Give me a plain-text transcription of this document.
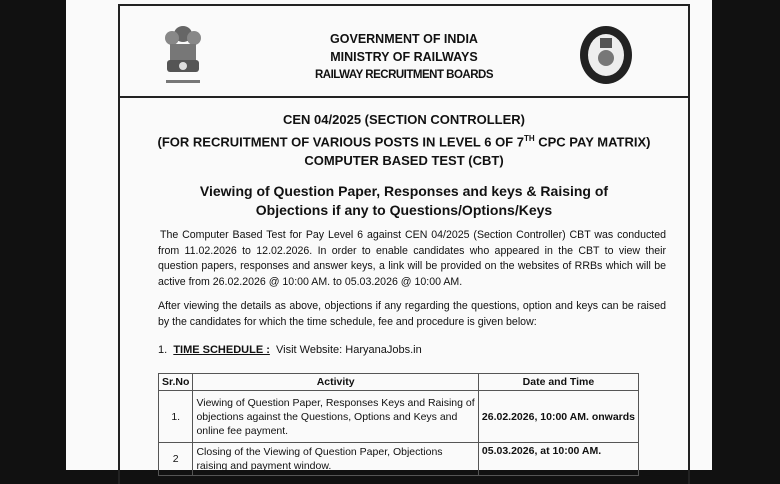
GOVERNMENT OF INDIA
MINISTRY OF RAILWAYS
RAILWAY RECRUITMENT BOARDS
CEN 04/2025 (SECTION CONTROLLER)
(FOR RECRUITMENT OF VARIOUS POSTS IN LEVEL 6 OF 7TH CPC PAY MATRIX)
COMPUTER BASED TEST (CBT)
Viewing of Question Paper, Responses and keys & Raising of
Objections if any to Questions/Options/Keys

The Computer Based Test for Pay Level 6 against CEN 04/2025 (Section Controller) CBT was conducted from 11.02.2026 to 12.02.2026. In order to enable candidates who appeared in the CBT to view their question papers, responses and answer keys, a link will be provided on the websites of RRBs which will be active from 26.02.2026 @ 10:00 AM. to 05.03.2026 @ 10:00 AM.

After viewing the details as above, objections if any regarding the questions, option and keys can be raised by the candidates for which the time schedule, fee and procedure is given below:

1. TIME SCHEDULE : Visit Website: HaryanaJobs.in
Sr.No	Activity	Date and Time
1.	Viewing of Question Paper, Responses Keys and Raising of objections against the Questions, Options and Keys and online fee payment.	26.02.2026, 10:00 AM. onwards
2	Closing of the Viewing of Question Paper, Objections raising and payment window.	05.03.2026, at 10:00 AM.
